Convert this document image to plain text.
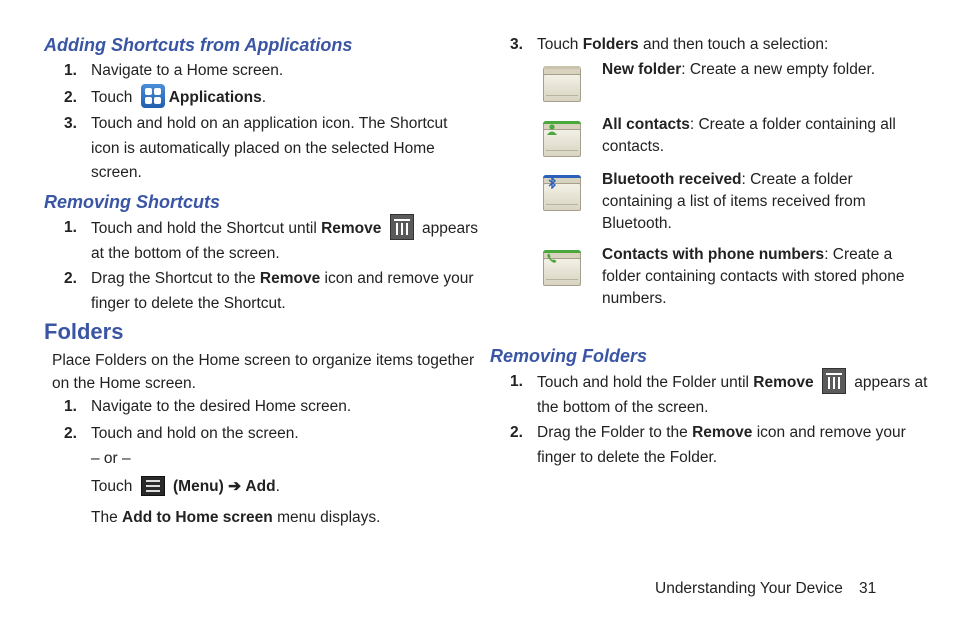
Adding Shortcuts from Applications
1. Navigate to a Home screen.
2. Touch Applications.
3. Touch and hold on an application icon. The Shortcut
icon is automatically placed on the selected Home
screen.
Removing Shortcuts
1. Touch and hold the Shortcut until Remove	appears
at the bottom of the screen.
2. Drag the Shortcut to the Remove icon and remove your
finger to delete the Shortcut.
Folders
Place Folders on the Home screen to organize items together
on the Home screen.
1. Navigate to the desired Home screen.
2. Touch and hold on the screen.
– or –
Touch	(Menu) ➔ Add.
The Add to Home screen menu displays.
3. Touch Folders and then touch a selection:
New folder: Create a new empty folder.
All contacts: Create a folder containing all
contacts.
Bluetooth received: Create a folder
containing a list of items received from
Bluetooth.
Contacts with phone numbers: Create a
folder containing contacts with stored phone
numbers.
Removing Folders
1. Touch and hold the Folder until Remove	appears at
the bottom of the screen.
2. Drag the Folder to the Remove icon and remove your
finger to delete the Folder.
Understanding Your Device 31
